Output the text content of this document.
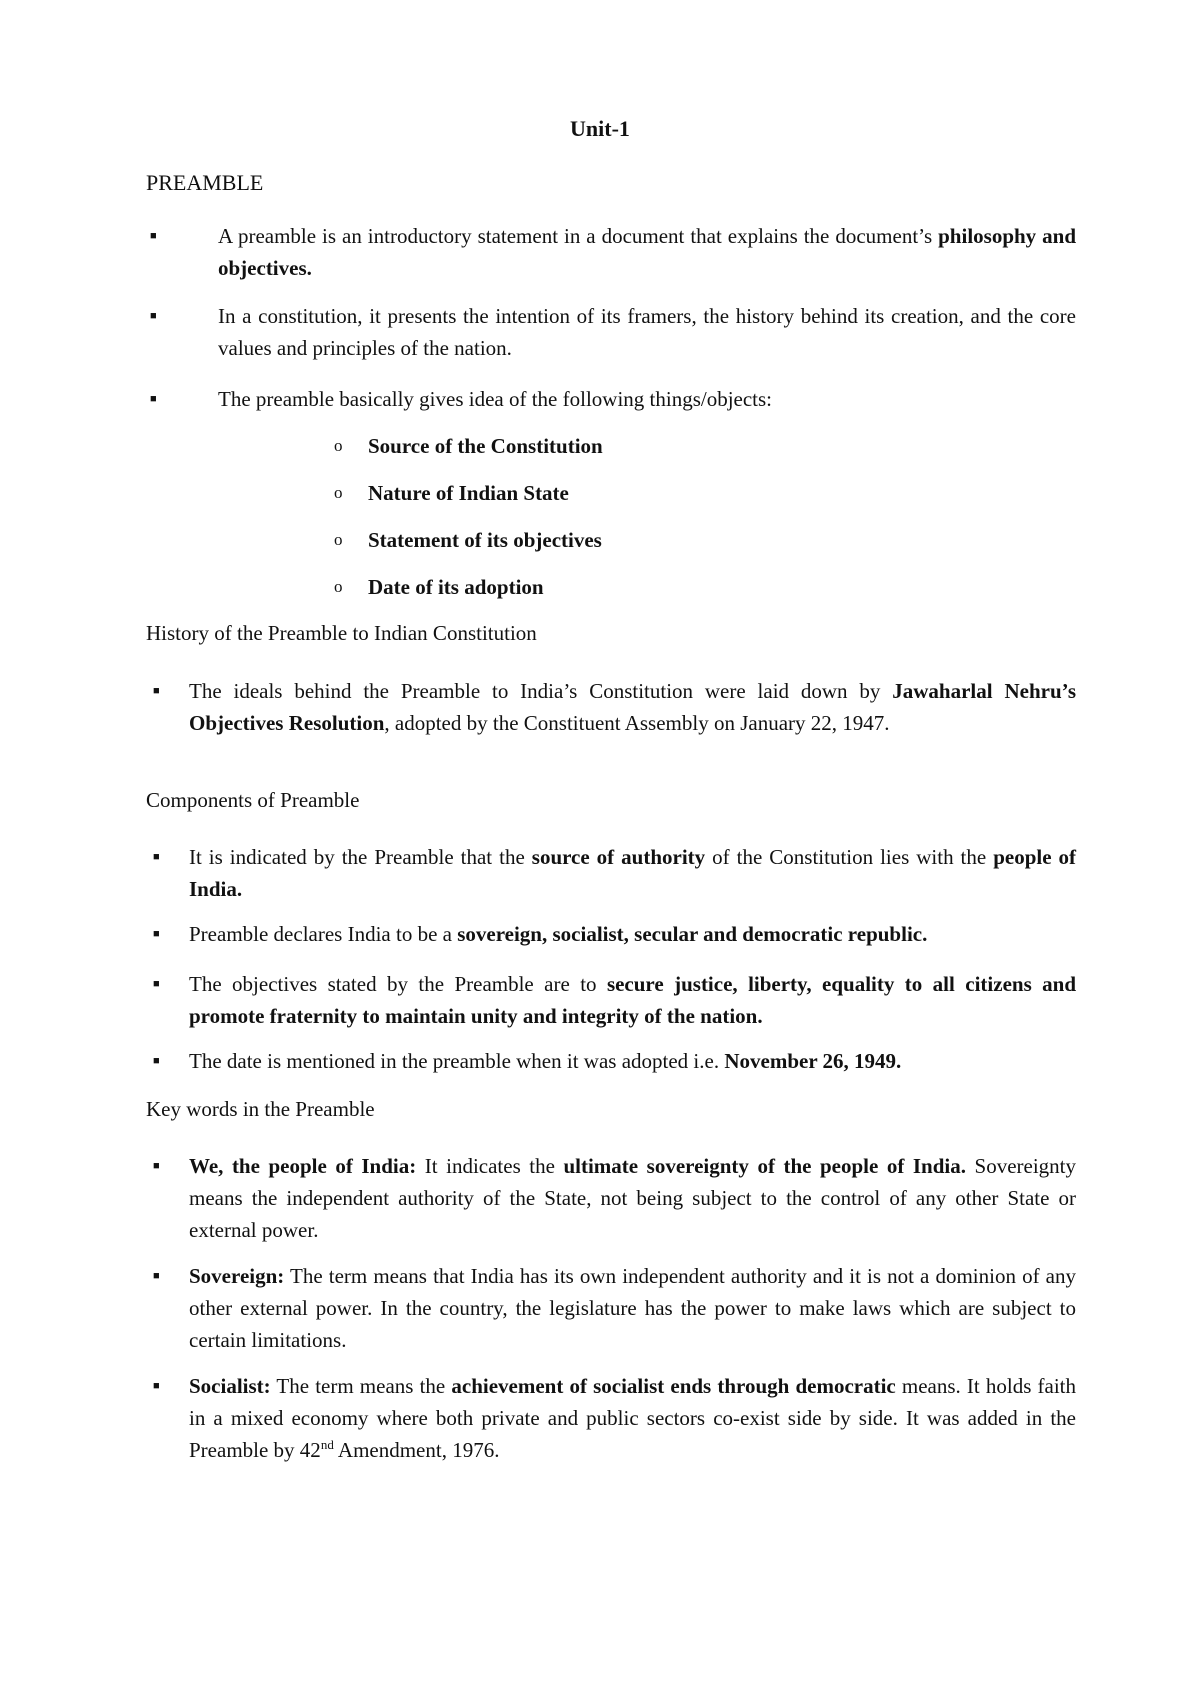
Unit-1
PREAMBLE
■	A preamble is an introductory statement in a document that explains the document’s philosophy and objectives.

■	In a constitution, it presents the intention of its framers, the history behind its creation, and the core values and principles of the nation.

■	The preamble basically gives idea of the following things/objects:

o Source of the Constitution
o Nature of Indian State
o Statement of its objectives
o Date of its adoption
History of the Preamble to Indian Constitution
■ The ideals behind the Preamble to India’s Constitution were laid down by Jawaharlal Nehru’s Objectives Resolution, adopted by the Constituent Assembly on January 22, 1947.

Components of Preamble
■ It is indicated by the Preamble that the source of authority of the Constitution lies with the people of India.

■ Preamble declares India to be a sovereign, socialist, secular and democratic republic.

■ The objectives stated by the Preamble are to secure justice, liberty, equality to all citizens and promote fraternity to maintain unity and integrity of the nation.

■ The date is mentioned in the preamble when it was adopted i.e. November 26, 1949.

Key words in the Preamble
■ We, the people of India: It indicates the ultimate sovereignty of the people of India. Sovereignty means the independent authority of the State, not being subject to the control of any other State or external power.

■ Sovereign: The term means that India has its own independent authority and it is not a dominion of any other external power. In the country, the legislature has the power to make laws which are subject to certain limitations.

■ Socialist: The term means the achievement of socialist ends through democratic means. It holds faith in a mixed economy where both private and public sectors co-exist side by side. It was added in the Preamble by 42nd Amendment, 1976.
